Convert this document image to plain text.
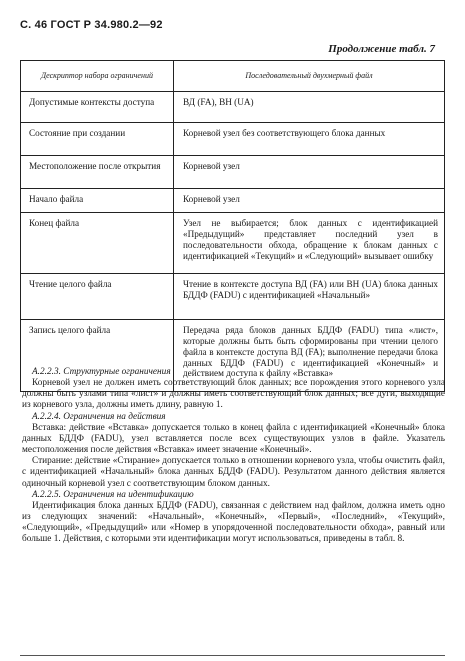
С. 46 ГОСТ Р 34.980.2—92
Продолжение табл. 7
Дескриптор набора ограничений	Последовательный двухмерный файл
Допустимые контексты доступа	ВД (FA), ВН (UA)
Состояние при создании	Корневой узел без соответствующего блока данных
Местоположение после открытия	Корневой узел
Начало файла	Корневой узел
Конец файла	Узел не выбирается; блок данных с идентификацией «Предыдущий» представляет последний узел в последовательности обхода, обращение к блокам данных с идентификацией «Текущий» и «Следующий» вызывает ошибку
Чтение целого файла	Чтение в контексте доступа ВД (FA) или ВН (UA) блока данных БДДФ (FADU) с идентификацией «Начальный»
Запись целого файла	Передача ряда блоков данных БДДФ (FADU) типа «лист», которые должны быть быть сформированы при чтении целого файла в контексте доступа ВД (FA); выполнение передачи блока данных БДДФ (FADU) с идентификацией «Конечный» и действием доступа к файлу «Вставка»

А.2.2.3. Структурные ограничения

Корневой узел не должен иметь соответствующий блок данных; все порождения этого корневого узла должны быть узлами типа «лист» и должны иметь соответствующий блок данных; все дуги, выходящие из корневого узла, должны иметь длину, равную 1.

А.2.2.4. Ограничения на действия

Вставка: действие «Вставка» допускается только в конец файла с идентификацией «Конечный» блока данных БДДФ (FADU), узел вставляется после всех существующих узлов в файле. Указатель местоположения после действия «Вставка» имеет значение «Конечный».

Стирание: действие «Стирание» допускается только в отношении корневого узла, чтобы очистить файл, с идентификацией «Начальный» блока данных БДДФ (FADU). Результатом данного действия является одиночный корневой узел с соответствующим блоком данных.

А.2.2.5. Ограничения на идентификацию

Идентификация блока данных БДДФ (FADU), связанная с действием над файлом, должна иметь одно из следующих значений: «Начальный», «Конечный», «Первый», «Последний», «Текущий», «Следующий», «Предыдущий» или «Номер в упорядоченной последовательности обхода», равный или больше 1. Действия, с которыми эти идентификации могут использоваться, приведены в табл. 8.
